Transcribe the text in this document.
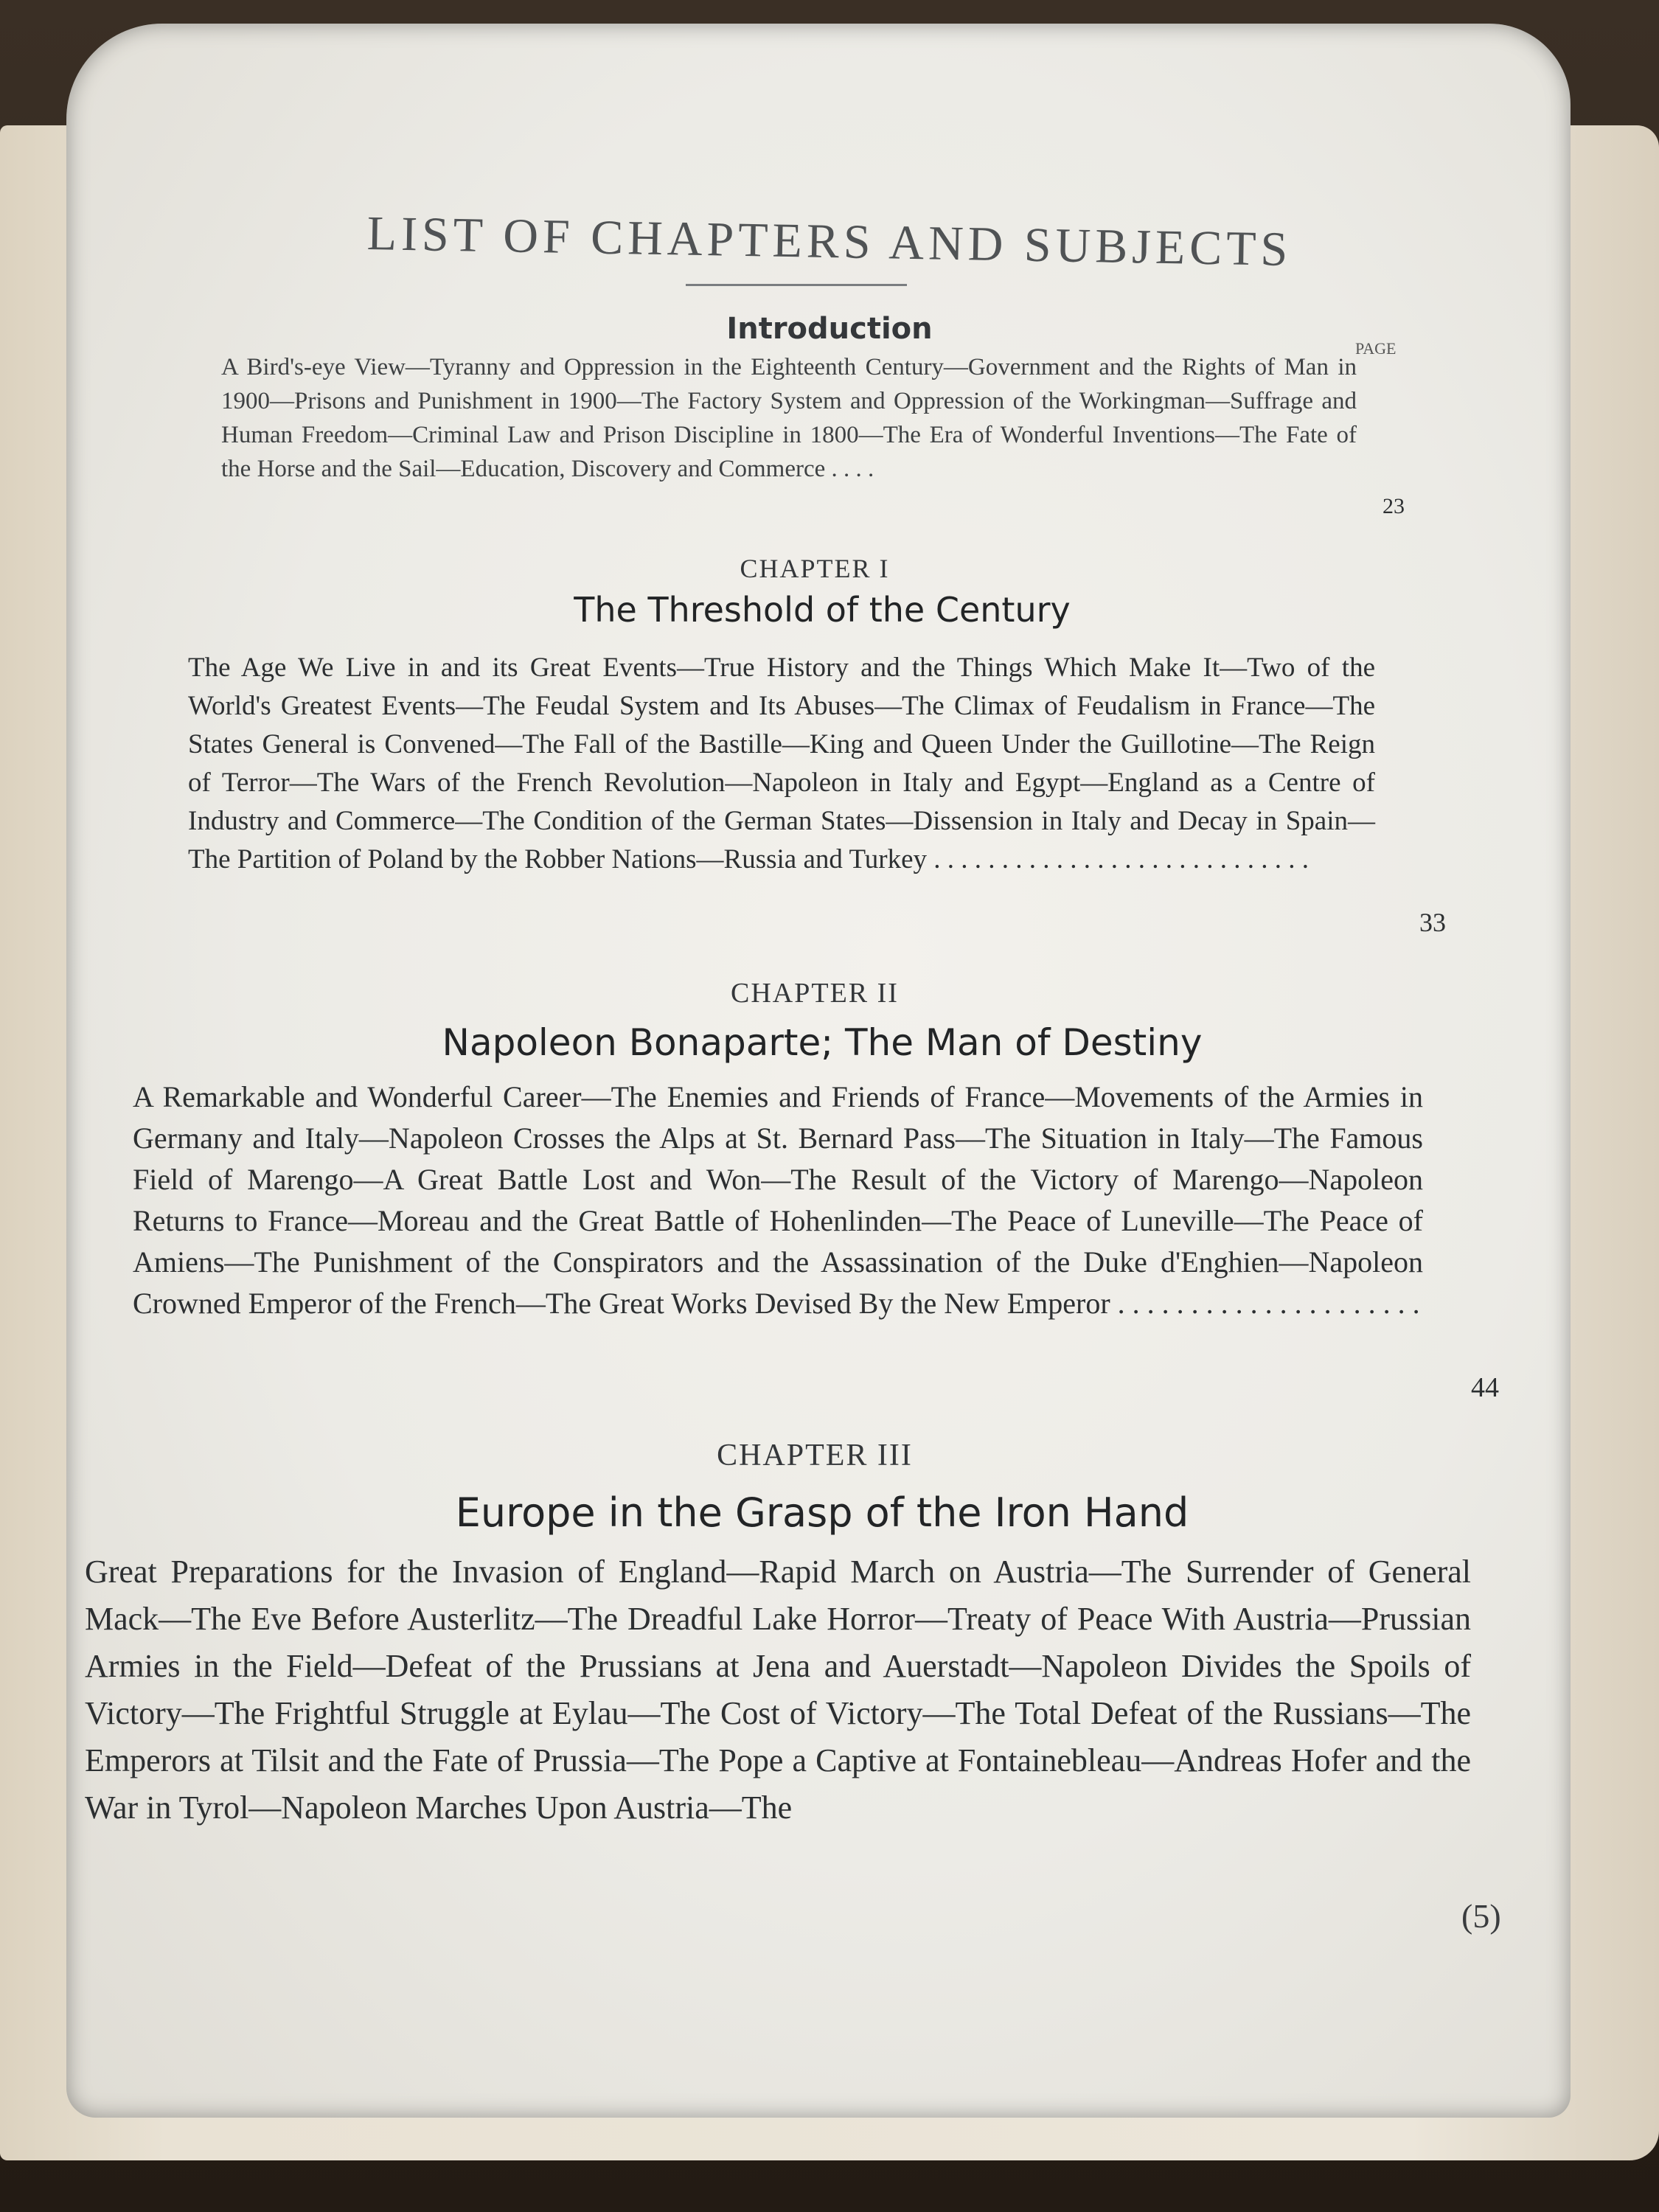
LIST OF CHAPTERS AND SUBJECTS
Introduction
PAGE
A Bird's-eye View—Tyranny and Oppression in the Eighteenth Century—Government and the Rights of Man in 1900—Prisons and Punishment in 1900—The Factory System and Oppression of the Workingman—Suffrage and Human Freedom—Criminal Law and Prison Discipline in 1800—The Era of Wonderful Inventions—The Fate of the Horse and the Sail—Education, Discovery and Commerce . . . .
23
CHAPTER I
The Threshold of the Century
The Age We Live in and its Great Events—True History and the Things Which Make It—Two of the World's Greatest Events—The Feudal System and Its Abuses—The Climax of Feudalism in France—The States General is Convened—The Fall of the Bastille—King and Queen Under the Guillotine—The Reign of Terror—The Wars of the French Revolution—Napoleon in Italy and Egypt—England as a Centre of Industry and Commerce—The Condition of the German States—Dissension in Italy and Decay in Spain—The Partition of Poland by the Robber Nations—Russia and Turkey . . . . . . . . . . . . . . . . . . . . . . . . . . . .
33
CHAPTER II
Napoleon Bonaparte; The Man of Destiny
A Remarkable and Wonderful Career—The Enemies and Friends of France—Movements of the Armies in Germany and Italy—Napoleon Crosses the Alps at St. Bernard Pass—The Situation in Italy—The Famous Field of Marengo—A Great Battle Lost and Won—The Result of the Victory of Marengo—Napoleon Returns to France—Moreau and the Great Battle of Hohenlinden—The Peace of Luneville—The Peace of Amiens—The Punishment of the Conspirators and the Assassination of the Duke d'Enghien—Napoleon Crowned Emperor of the French—The Great Works Devised By the New Emperor . . . . . . . . . . . . . . . . . . . . .
44
CHAPTER III
Europe in the Grasp of the Iron Hand
Great Preparations for the Invasion of England—Rapid March on Austria—The Surrender of General Mack—The Eve Before Austerlitz—The Dreadful Lake Horror—Treaty of Peace With Austria—Prussian Armies in the Field—Defeat of the Prussians at Jena and Auerstadt—Napoleon Divides the Spoils of Victory—The Frightful Struggle at Eylau—The Cost of Victory—The Total Defeat of the Russians—The Emperors at Tilsit and the Fate of Prussia—The Pope a Captive at Fontainebleau—Andreas Hofer and the War in Tyrol—Napoleon Marches Upon Austria—The
(5)
